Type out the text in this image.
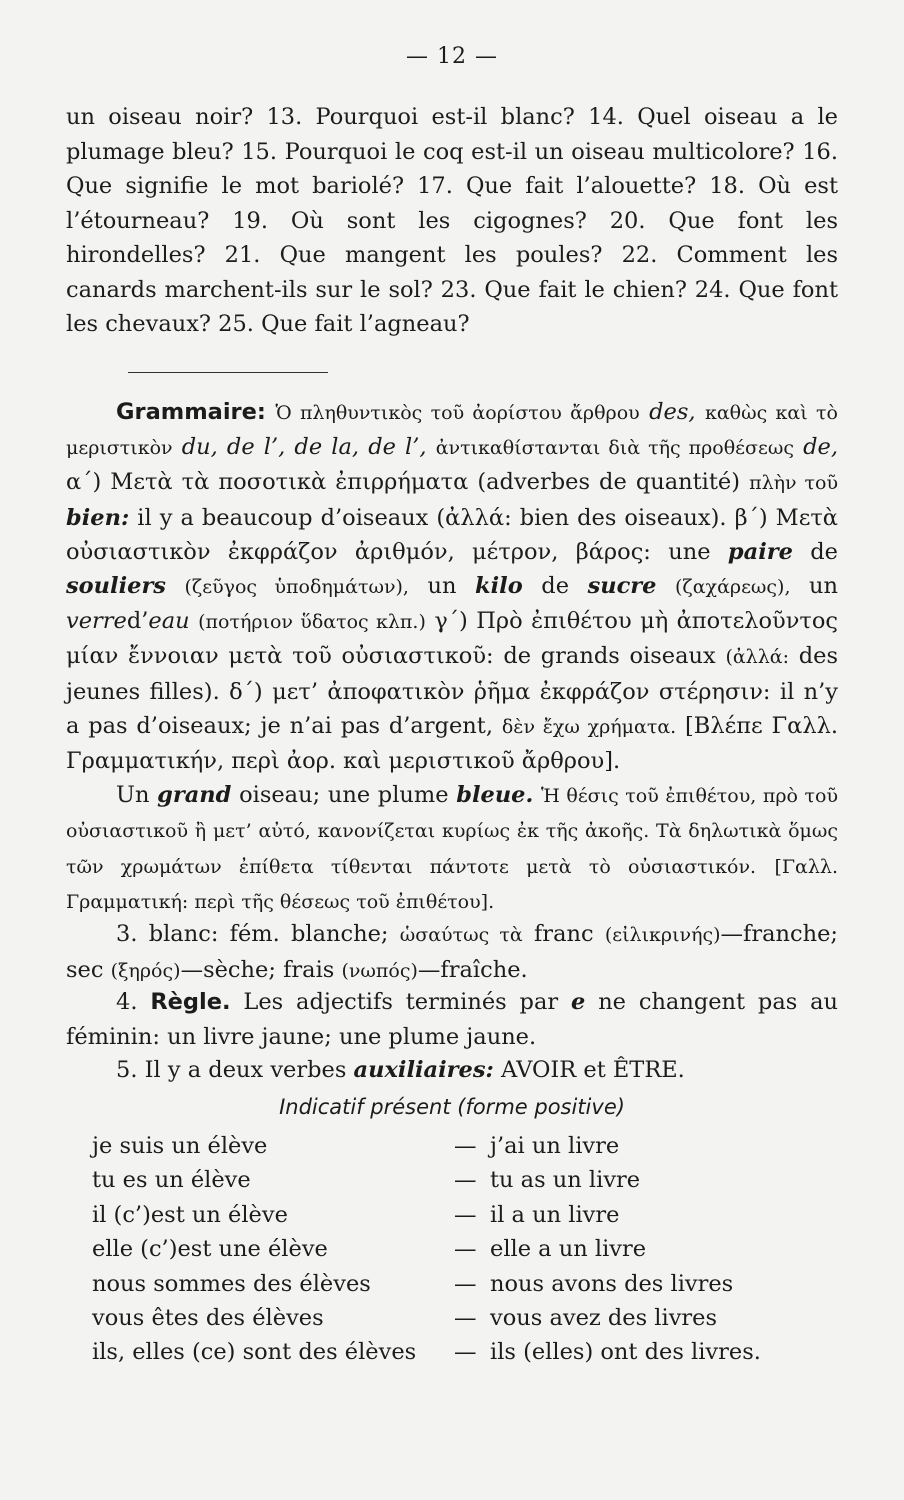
— 12 —
un oiseau noir? 13. Pourquoi est-il blanc? 14. Quel oiseau a le plumage bleu? 15. Pourquoi le coq est-il un oiseau multicolore? 16. Que signifie le mot bariolé? 17. Que fait l’alouette? 18. Où est l’étourneau? 19. Où sont les cigognes? 20. Que font les hirondelles? 21. Que mangent les poules? 22. Comment les canards marchent-ils sur le sol? 23. Que fait le chien? 24. Que font les chevaux? 25. Que fait l’agneau?
Grammaire: Ὁ πληθυντικὸς τοῦ ἀορίστου ἄρθρου des, καθὼς καὶ τὸ μεριστικὸν du, de l’, de la, de l’, ἀντικαθίστανται διὰ τῆς προθέσεως de, α΄) Μετὰ τὰ ποσοτικὰ ἐπιρρήματα (adverbes de quantité) πλὴν τοῦ bien: il y a beaucoup d’oiseaux (ἀλλά: bien des oiseaux). β΄) Μετὰ οὐσιαστικὸν ἐκφράζον ἀριθμόν, μέτρον, βάρος: une paire de souliers (ζεῦγος ὑποδημάτων), un kilo de sucre (ζαχάρεως), un verred’eau (ποτήριον ὕδατος κλπ.) γ΄) Πρὸ ἐπιθέτου μὴ ἀποτελοῦντος μίαν ἔννοιαν μετὰ τοῦ οὐσιαστικοῦ: de grands oiseaux (ἀλλά: des jeunes filles). δ΄) μετ’ ἀποφατικὸν ῥῆμα ἐκφράζον στέρησιν: il n’y a pas d’oiseaux; je n’ai pas d’argent, δὲν ἔχω χρήματα. [Βλέπε Γαλλ. Γραμματικήν, περὶ ἀορ. καὶ μεριστικοῦ ἄρθρου].
Un grand oiseau; une plume bleue. Ἡ θέσις τοῦ ἐπιθέτου, πρὸ τοῦ οὐσιαστικοῦ ἢ μετ’ αὐτό, κανονίζεται κυρίως ἐκ τῆς ἀκοῆς. Τὰ δηλωτικὰ ὅμως τῶν χρωμάτων ἐπίθετα τίθενται πάντοτε μετὰ τὸ οὐσιαστικόν. [Γαλλ. Γραμματική: περὶ τῆς θέσεως τοῦ ἐπιθέτου].
3. blanc: fém. blanche; ὡσαύτως τὰ franc (εἰλικρινής)—franche; sec (ξηρός)—sèche; frais (νωπός)—fraîche.
4. Règle. Les adjectifs terminés par e ne changent pas au féminin: un livre jaune; une plume jaune.
5. Il y a deux verbes auxiliaires: AVOIR et ÊTRE.
Indicatif présent (forme positive)
je suis un élève	— j’ai un livre
tu es un élève	— tu as un livre
il (c’)est un élève	— il a un livre
elle (c’)est une élève	— elle a un livre
nous sommes des élèves	— nous avons des livres
vous êtes des élèves	— vous avez des livres
ils, elles (ce) sont des élèves — ils (elles) ont des livres.
